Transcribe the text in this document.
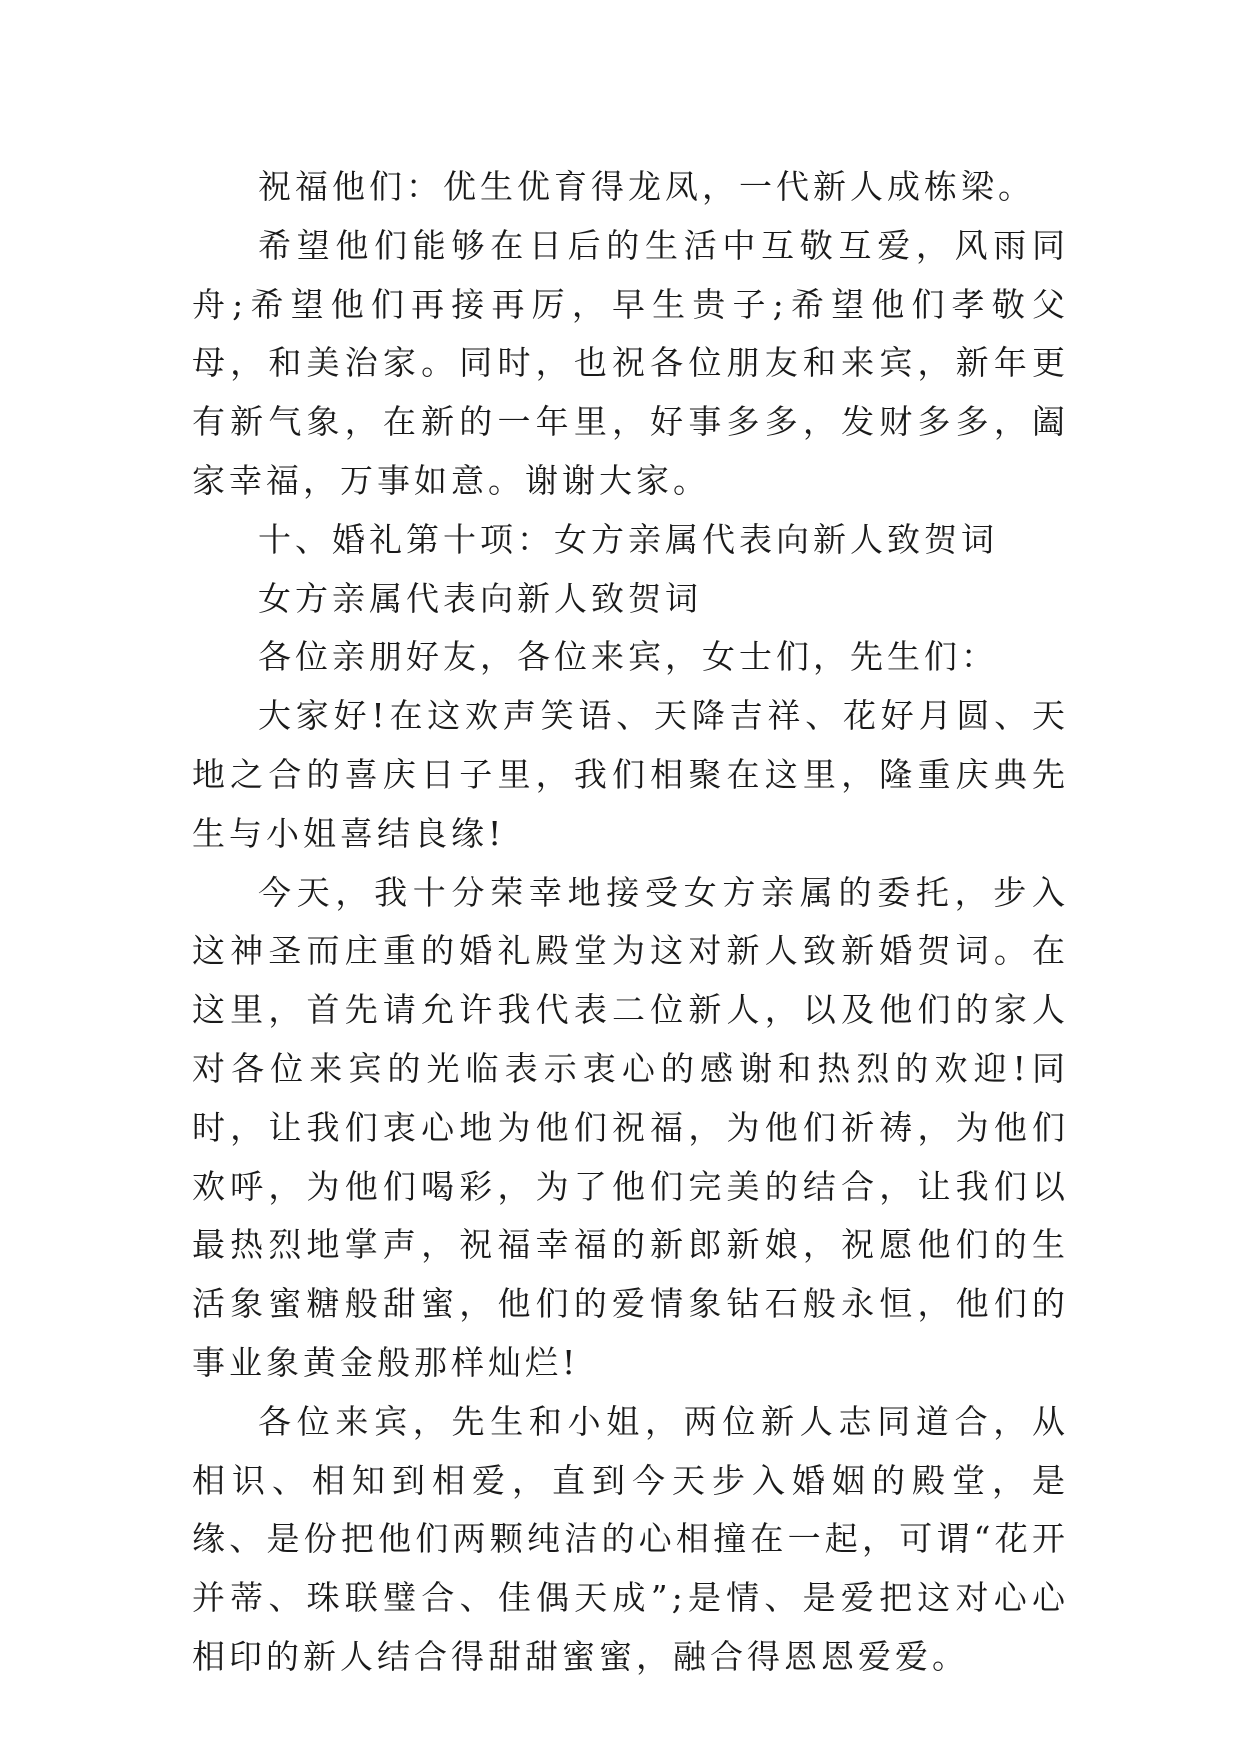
祝福他们：优生优育得龙凤，一代新人成栋梁。

希望他们能够在日后的生活中互敬互爱，风雨同舟;希望他们再接再厉，早生贵子;希望他们孝敬父母，和美治家。同时，也祝各位朋友和来宾，新年更有新气象，在新的一年里，好事多多，发财多多，阖家幸福，万事如意。谢谢大家。

十、婚礼第十项：女方亲属代表向新人致贺词

女方亲属代表向新人致贺词

各位亲朋好友，各位来宾，女士们，先生们：

大家好!在这欢声笑语、天降吉祥、花好月圆、天地之合的喜庆日子里，我们相聚在这里，隆重庆典先生与小姐喜结良缘!

今天，我十分荣幸地接受女方亲属的委托，步入这神圣而庄重的婚礼殿堂为这对新人致新婚贺词。在这里，首先请允许我代表二位新人，以及他们的家人对各位来宾的光临表示衷心的感谢和热烈的欢迎!同时，让我们衷心地为他们祝福，为他们祈祷，为他们欢呼，为他们喝彩，为了他们完美的结合，让我们以最热烈地掌声，祝福幸福的新郎新娘，祝愿他们的生活象蜜糖般甜蜜，他们的爱情象钻石般永恒，他们的事业象黄金般那样灿烂!

各位来宾，先生和小姐，两位新人志同道合，从相识、相知到相爱，直到今天步入婚姻的殿堂，是缘、是份把他们两颗纯洁的心相撞在一起，可谓“花开并蒂、珠联璧合、佳偶天成”;是情、是爱把这对心心相印的新人结合得甜甜蜜蜜，融合得恩恩爱爱。
